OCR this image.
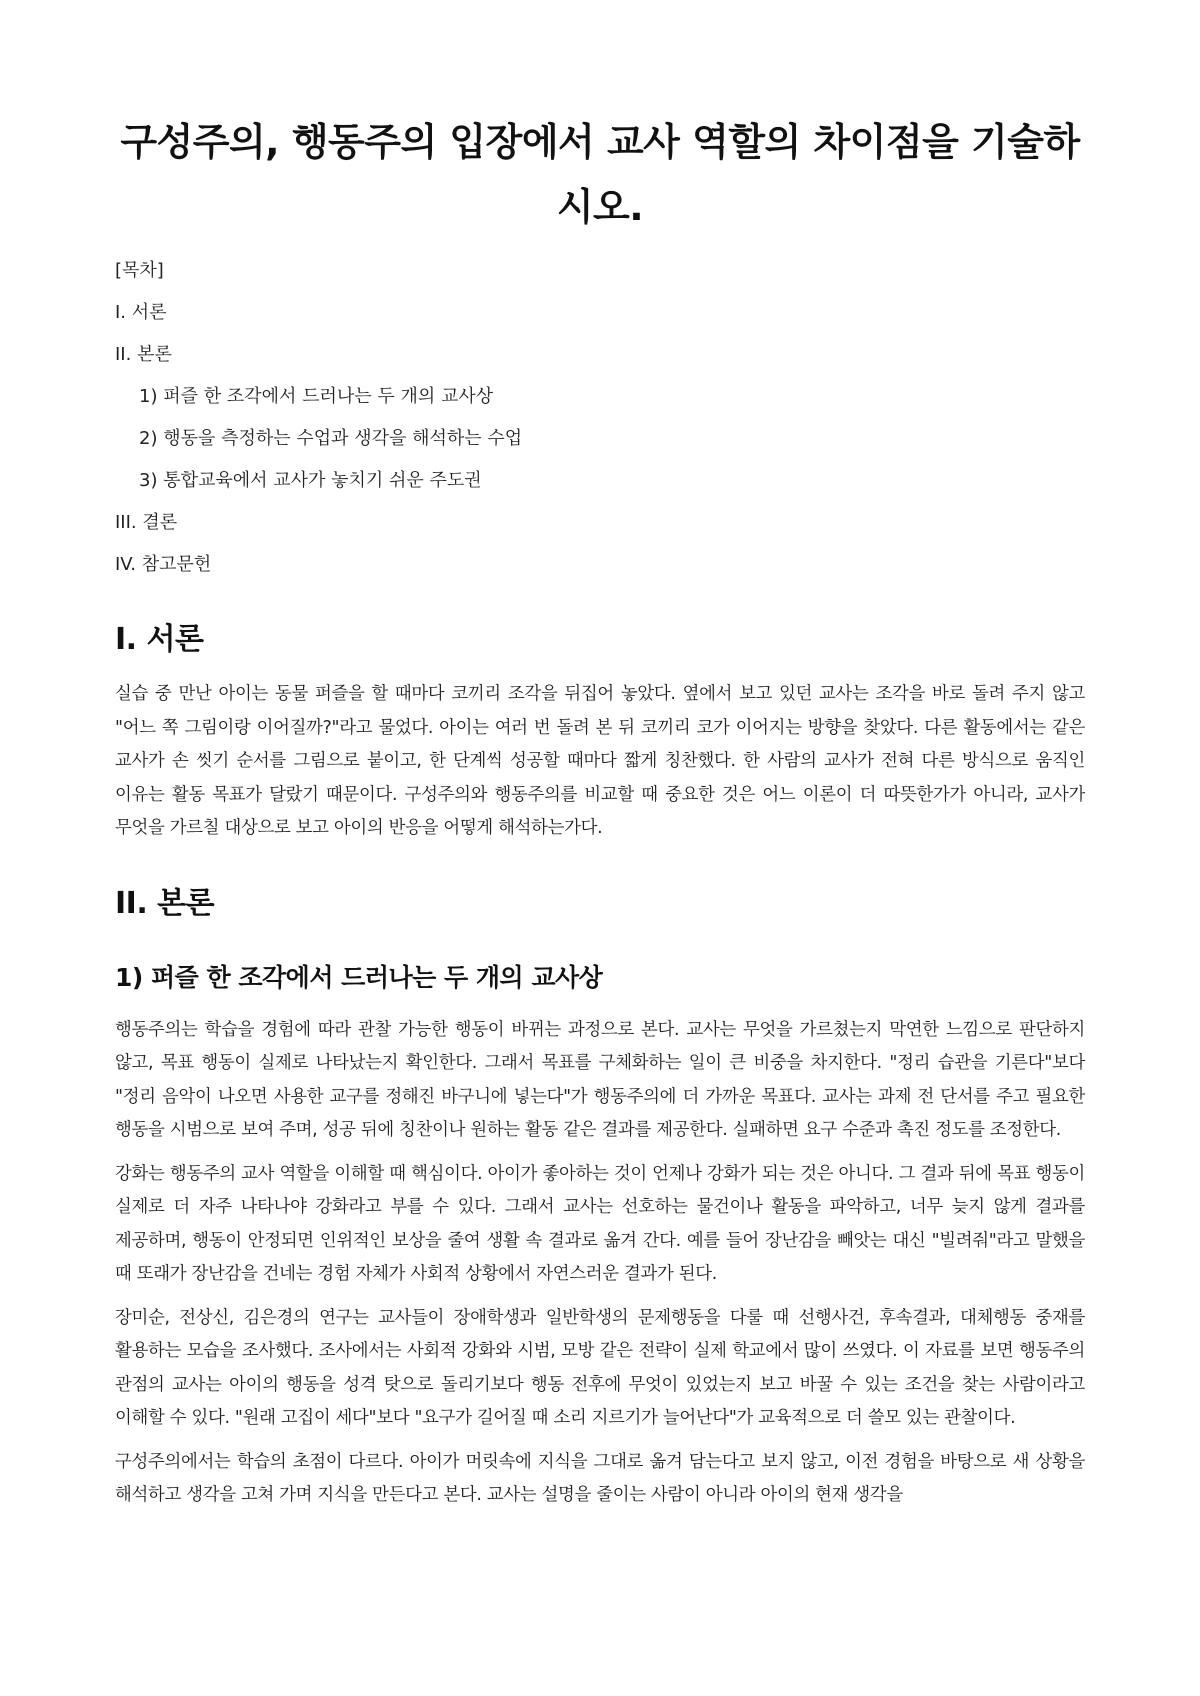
구성주의, 행동주의 입장에서 교사 역할의 차이점을 기술하시오.
[목차]
I. 서론
II. 본론
1) 퍼즐 한 조각에서 드러나는 두 개의 교사상
2) 행동을 측정하는 수업과 생각을 해석하는 수업
3) 통합교육에서 교사가 놓치기 쉬운 주도권
III. 결론
IV. 참고문헌
I. 서론

실습 중 만난 아이는 동물 퍼즐을 할 때마다 코끼리 조각을 뒤집어 놓았다. 옆에서 보고 있던 교사는 조각을 바로 돌려 주지 않고 "어느 쪽 그림이랑 이어질까?"라고 물었다. 아이는 여러 번 돌려 본 뒤 코끼리 코가 이어지는 방향을 찾았다. 다른 활동에서는 같은 교사가 손 씻기 순서를 그림으로 붙이고, 한 단계씩 성공할 때마다 짧게 칭찬했다. 한 사람의 교사가 전혀 다른 방식으로 움직인 이유는 활동 목표가 달랐기 때문이다. 구성주의와 행동주의를 비교할 때 중요한 것은 어느 이론이 더 따뜻한가가 아니라, 교사가 무엇을 가르칠 대상으로 보고 아이의 반응을 어떻게 해석하는가다.

II. 본론
1) 퍼즐 한 조각에서 드러나는 두 개의 교사상

행동주의는 학습을 경험에 따라 관찰 가능한 행동이 바뀌는 과정으로 본다. 교사는 무엇을 가르쳤는지 막연한 느낌으로 판단하지 않고, 목표 행동이 실제로 나타났는지 확인한다. 그래서 목표를 구체화하는 일이 큰 비중을 차지한다. "정리 습관을 기른다"보다 "정리 음악이 나오면 사용한 교구를 정해진 바구니에 넣는다"가 행동주의에 더 가까운 목표다. 교사는 과제 전 단서를 주고 필요한 행동을 시범으로 보여 주며, 성공 뒤에 칭찬이나 원하는 활동 같은 결과를 제공한다. 실패하면 요구 수준과 촉진 정도를 조정한다.

강화는 행동주의 교사 역할을 이해할 때 핵심이다. 아이가 좋아하는 것이 언제나 강화가 되는 것은 아니다. 그 결과 뒤에 목표 행동이 실제로 더 자주 나타나야 강화라고 부를 수 있다. 그래서 교사는 선호하는 물건이나 활동을 파악하고, 너무 늦지 않게 결과를 제공하며, 행동이 안정되면 인위적인 보상을 줄여 생활 속 결과로 옮겨 간다. 예를 들어 장난감을 빼앗는 대신 "빌려줘"라고 말했을 때 또래가 장난감을 건네는 경험 자체가 사회적 상황에서 자연스러운 결과가 된다.

장미순, 전상신, 김은경의 연구는 교사들이 장애학생과 일반학생의 문제행동을 다룰 때 선행사건, 후속결과, 대체행동 중재를 활용하는 모습을 조사했다. 조사에서는 사회적 강화와 시범, 모방 같은 전략이 실제 학교에서 많이 쓰였다. 이 자료를 보면 행동주의 관점의 교사는 아이의 행동을 성격 탓으로 돌리기보다 행동 전후에 무엇이 있었는지 보고 바꿀 수 있는 조건을 찾는 사람이라고 이해할 수 있다. "원래 고집이 세다"보다 "요구가 길어질 때 소리 지르기가 늘어난다"가 교육적으로 더 쓸모 있는 관찰이다.

구성주의에서는 학습의 초점이 다르다. 아이가 머릿속에 지식을 그대로 옮겨 담는다고 보지 않고, 이전 경험을 바탕으로 새 상황을 해석하고 생각을 고쳐 가며 지식을 만든다고 본다. 교사는 설명을 줄이는 사람이 아니라 아이의 현재 생각을
